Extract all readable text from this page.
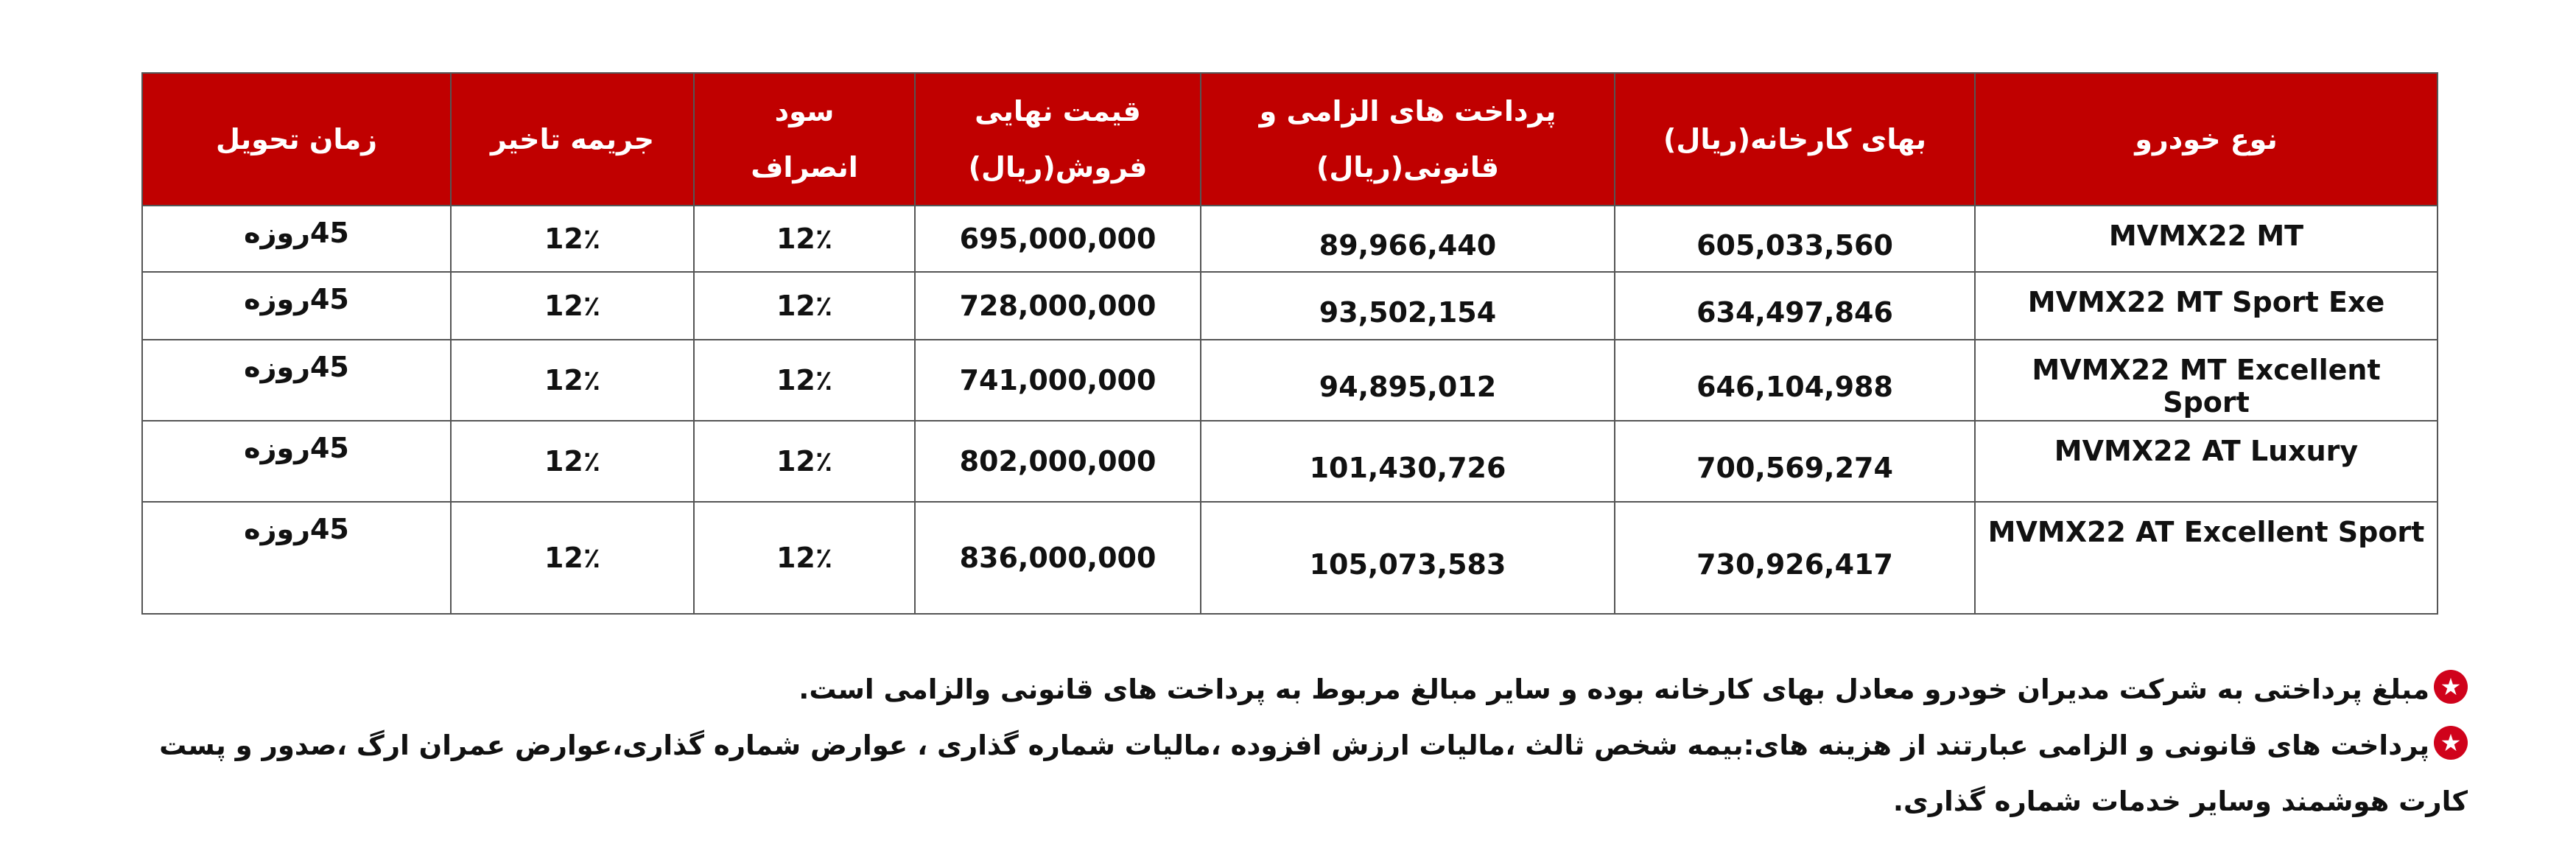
نوع خودرو	بهای کارخانه(ریال)	پرداخت های الزامی و قانونی(ریال)	قیمت نهایی فروش(ریال)	سود انصراف	جریمه تاخیر	زمان تحویل
MVMX22 MT	605,033,560	89,966,440	695,000,000	12٪	12٪	45روزه
MVMX22 MT Sport Exe	634,497,846	93,502,154	728,000,000	12٪	12٪	45روزه
MVMX22 MT Excellent Sport	646,104,988	94,895,012	741,000,000	12٪	12٪	45روزه
MVMX22 AT Luxury	700,569,274	101,430,726	802,000,000	12٪	12٪	45روزه
MVMX22 AT Excellent Sport	730,926,417	105,073,583	836,000,000	12٪	12٪	45روزه

★مبلغ پرداختی به شرکت مدیران خودرو معادل بهای کارخانه بوده و سایر مبالغ مربوط به پرداخت های قانونی والزامی است.

★پرداخت های قانونی و الزامی عبارتند از هزینه های:بیمه شخص ثالث ،مالیات ارزش افزوده ،مالیات شماره گذاری ، عوارض شماره گذاری،عوارض عمران ارگ ،صدور و پست کارت هوشمند وسایر خدمات شماره گذاری.
